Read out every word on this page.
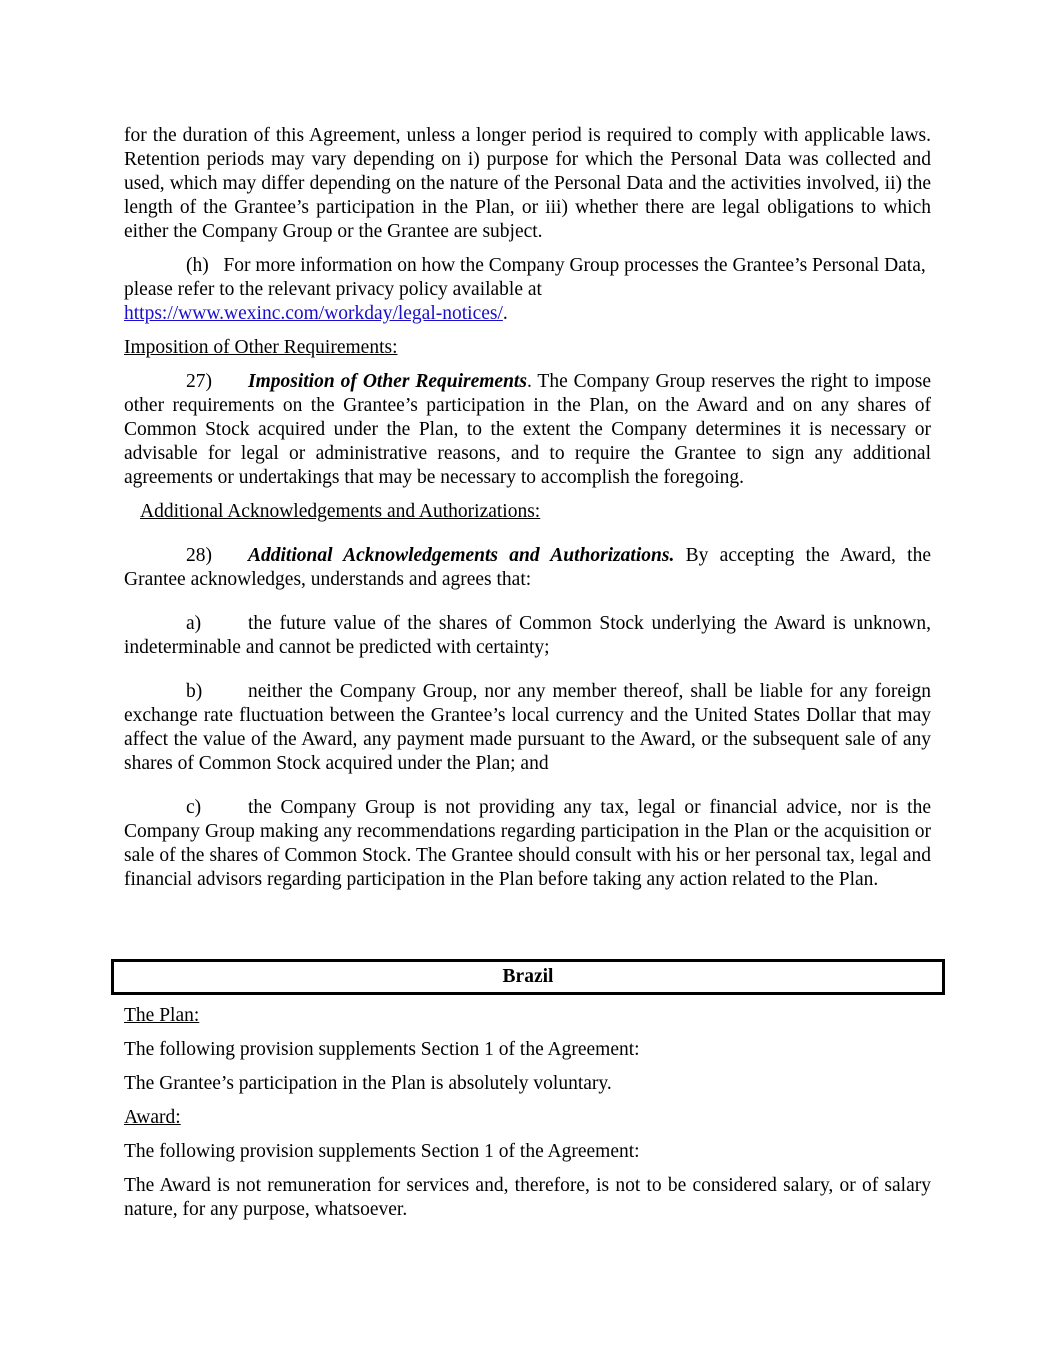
for the duration of this Agreement, unless a longer period is required to comply with applicable laws. Retention periods may vary depending on i) purpose for which the Personal Data was collected and used, which may differ depending on the nature of the Personal Data and the activities involved, ii) the length of the Grantee’s participation in the Plan, or iii) whether there are legal obligations to which either the Company Group or the Grantee are subject.

(h) For more information on how the Company Group processes the Grantee’s Personal Data, please refer to the relevant privacy policy available at
https://www.wexinc.com/workday/legal-notices/.

Imposition of Other Requirements:

27) Imposition of Other Requirements. The Company Group reserves the right to impose other requirements on the Grantee’s participation in the Plan, on the Award and on any shares of Common Stock acquired under the Plan, to the extent the Company determines it is necessary or advisable for legal or administrative reasons, and to require the Grantee to sign any additional agreements or undertakings that may be necessary to accomplish the foregoing.

Additional Acknowledgements and Authorizations:

28) Additional Acknowledgements and Authorizations. By accepting the Award, the Grantee acknowledges, understands and agrees that:

a) the future value of the shares of Common Stock underlying the Award is unknown, indeterminable and cannot be predicted with certainty;

b) neither the Company Group, nor any member thereof, shall be liable for any foreign exchange rate fluctuation between the Grantee’s local currency and the United States Dollar that may affect the value of the Award, any payment made pursuant to the Award, or the subsequent sale of any shares of Common Stock acquired under the Plan; and

c) the Company Group is not providing any tax, legal or financial advice, nor is the Company Group making any recommendations regarding participation in the Plan or the acquisition or sale of the shares of Common Stock. The Grantee should consult with his or her personal tax, legal and financial advisors regarding participation in the Plan before taking any action related to the Plan.

Brazil

The Plan:

The following provision supplements Section 1 of the Agreement:

The Grantee’s participation in the Plan is absolutely voluntary.

Award:

The following provision supplements Section 1 of the Agreement:

The Award is not remuneration for services and, therefore, is not to be considered salary, or of salary nature, for any purpose, whatsoever.
